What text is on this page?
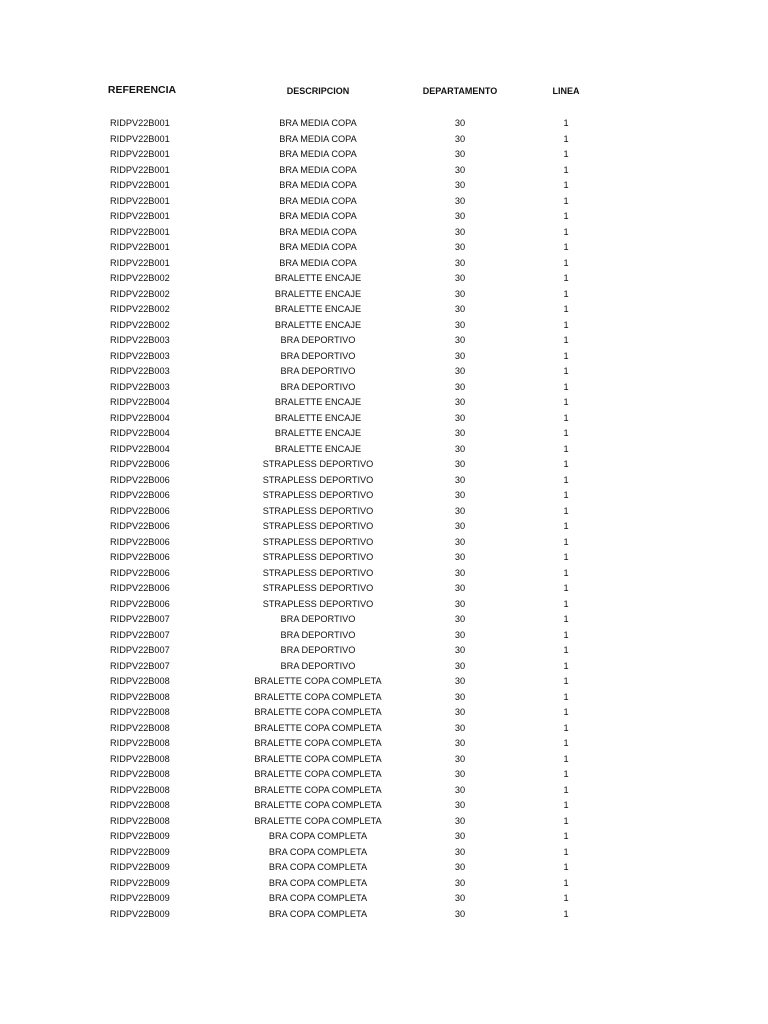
REFERENCIA	DESCRIPCION	DEPARTAMENTO	LINEA
RIDPV22B001	BRA MEDIA COPA	30	1
RIDPV22B001	BRA MEDIA COPA	30	1
RIDPV22B001	BRA MEDIA COPA	30	1
RIDPV22B001	BRA MEDIA COPA	30	1
RIDPV22B001	BRA MEDIA COPA	30	1
RIDPV22B001	BRA MEDIA COPA	30	1
RIDPV22B001	BRA MEDIA COPA	30	1
RIDPV22B001	BRA MEDIA COPA	30	1
RIDPV22B001	BRA MEDIA COPA	30	1
RIDPV22B001	BRA MEDIA COPA	30	1
RIDPV22B002	BRALETTE ENCAJE	30	1
RIDPV22B002	BRALETTE ENCAJE	30	1
RIDPV22B002	BRALETTE ENCAJE	30	1
RIDPV22B002	BRALETTE ENCAJE	30	1
RIDPV22B003	BRA DEPORTIVO	30	1
RIDPV22B003	BRA DEPORTIVO	30	1
RIDPV22B003	BRA DEPORTIVO	30	1
RIDPV22B003	BRA DEPORTIVO	30	1
RIDPV22B004	BRALETTE ENCAJE	30	1
RIDPV22B004	BRALETTE ENCAJE	30	1
RIDPV22B004	BRALETTE ENCAJE	30	1
RIDPV22B004	BRALETTE ENCAJE	30	1
RIDPV22B006	STRAPLESS DEPORTIVO	30	1
RIDPV22B006	STRAPLESS DEPORTIVO	30	1
RIDPV22B006	STRAPLESS DEPORTIVO	30	1
RIDPV22B006	STRAPLESS DEPORTIVO	30	1
RIDPV22B006	STRAPLESS DEPORTIVO	30	1
RIDPV22B006	STRAPLESS DEPORTIVO	30	1
RIDPV22B006	STRAPLESS DEPORTIVO	30	1
RIDPV22B006	STRAPLESS DEPORTIVO	30	1
RIDPV22B006	STRAPLESS DEPORTIVO	30	1
RIDPV22B006	STRAPLESS DEPORTIVO	30	1
RIDPV22B007	BRA DEPORTIVO	30	1
RIDPV22B007	BRA DEPORTIVO	30	1
RIDPV22B007	BRA DEPORTIVO	30	1
RIDPV22B007	BRA DEPORTIVO	30	1
RIDPV22B008	BRALETTE COPA COMPLETA	30	1
RIDPV22B008	BRALETTE COPA COMPLETA	30	1
RIDPV22B008	BRALETTE COPA COMPLETA	30	1
RIDPV22B008	BRALETTE COPA COMPLETA	30	1
RIDPV22B008	BRALETTE COPA COMPLETA	30	1
RIDPV22B008	BRALETTE COPA COMPLETA	30	1
RIDPV22B008	BRALETTE COPA COMPLETA	30	1
RIDPV22B008	BRALETTE COPA COMPLETA	30	1
RIDPV22B008	BRALETTE COPA COMPLETA	30	1
RIDPV22B008	BRALETTE COPA COMPLETA	30	1
RIDPV22B009	BRA COPA COMPLETA	30	1
RIDPV22B009	BRA COPA COMPLETA	30	1
RIDPV22B009	BRA COPA COMPLETA	30	1
RIDPV22B009	BRA COPA COMPLETA	30	1
RIDPV22B009	BRA COPA COMPLETA	30	1
RIDPV22B009	BRA COPA COMPLETA	30	1
